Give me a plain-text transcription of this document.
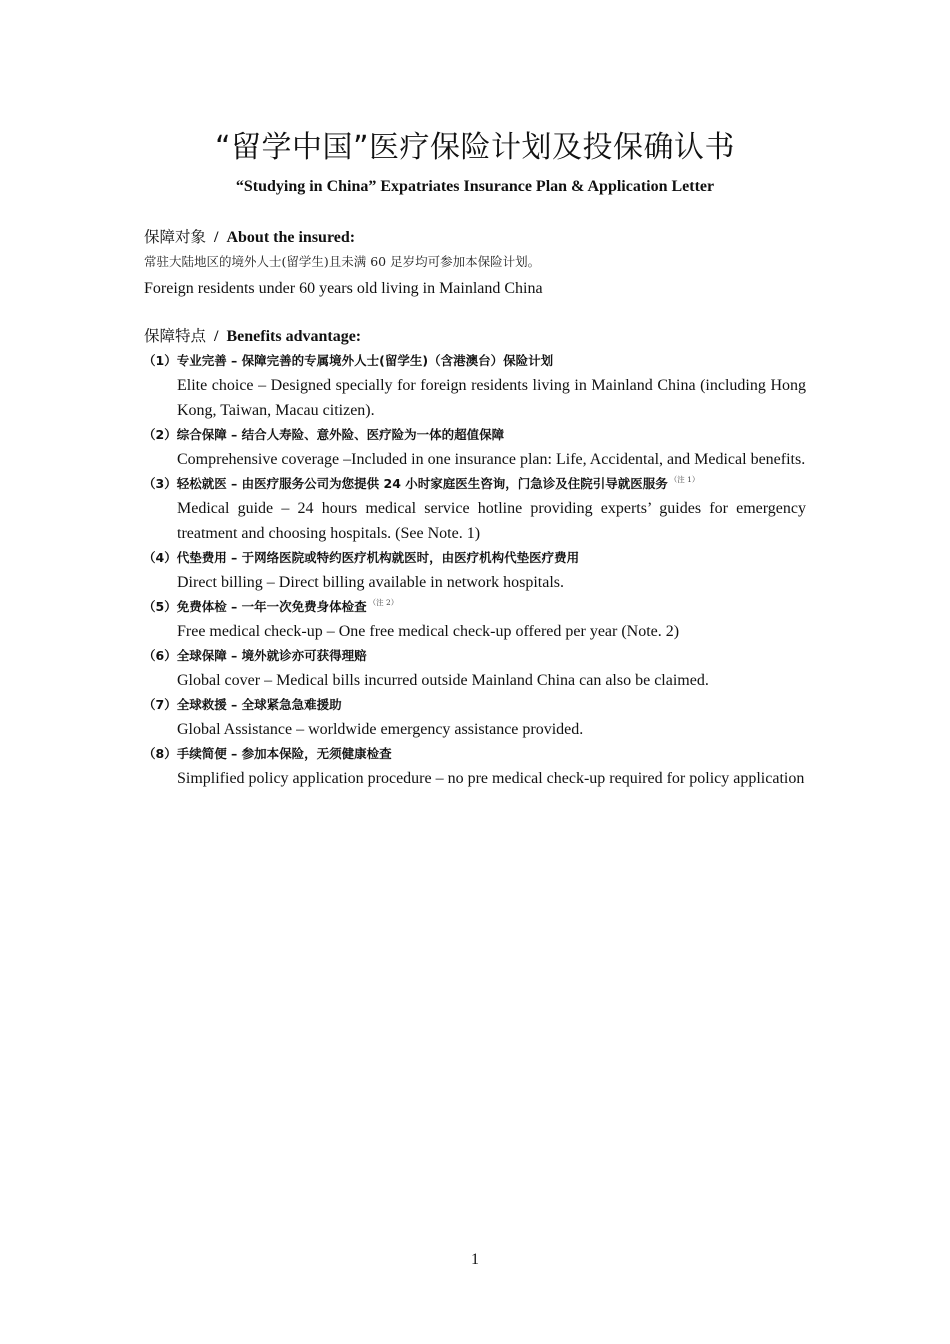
“留学中国”医疗保险计划及投保确认书
“Studying in China” Expatriates Insurance Plan & Application Letter
保障对象 / About the insured:
常驻大陆地区的境外人士(留学生)且未满 60 足岁均可参加本保险计划。
Foreign residents under 60 years old living in Mainland China
保障特点 / Benefits advantage:
（1）专业完善 – 保障完善的专属境外人士(留学生)（含港澳台）保险计划
Elite choice – Designed specially for foreign residents living in Mainland China (including Hong Kong, Taiwan, Macau citizen).
（2）综合保障 – 结合人寿险、意外险、医疗险为一体的超值保障
Comprehensive coverage –Included in one insurance plan: Life, Accidental, and Medical benefits.
（3）轻松就医 – 由医疗服务公司为您提供 24 小时家庭医生咨询，门急诊及住院引导就医服务 $^{(注 1)}$
Medical guide – 24 hours medical service hotline providing experts’ guides for emergency treatment and choosing hospitals. (See Note. 1)
（4）代垫费用 – 于网络医院或特约医疗机构就医时，由医疗机构代垫医疗费用
Direct billing – Direct billing available in network hospitals.
（5）免费体检 – 一年一次免费身体检查 $^{(注 2)}$
Free medical check-up – One free medical check-up offered per year (Note. 2)
（6）全球保障 – 境外就诊亦可获得理赔
Global cover – Medical bills incurred outside Mainland China can also be claimed.
（7）全球救援 – 全球紧急急难援助
Global Assistance – worldwide emergency assistance provided.
（8）手续简便 – 参加本保险，无须健康检查
Simplified policy application procedure – no pre medical check-up required for policy application
1
